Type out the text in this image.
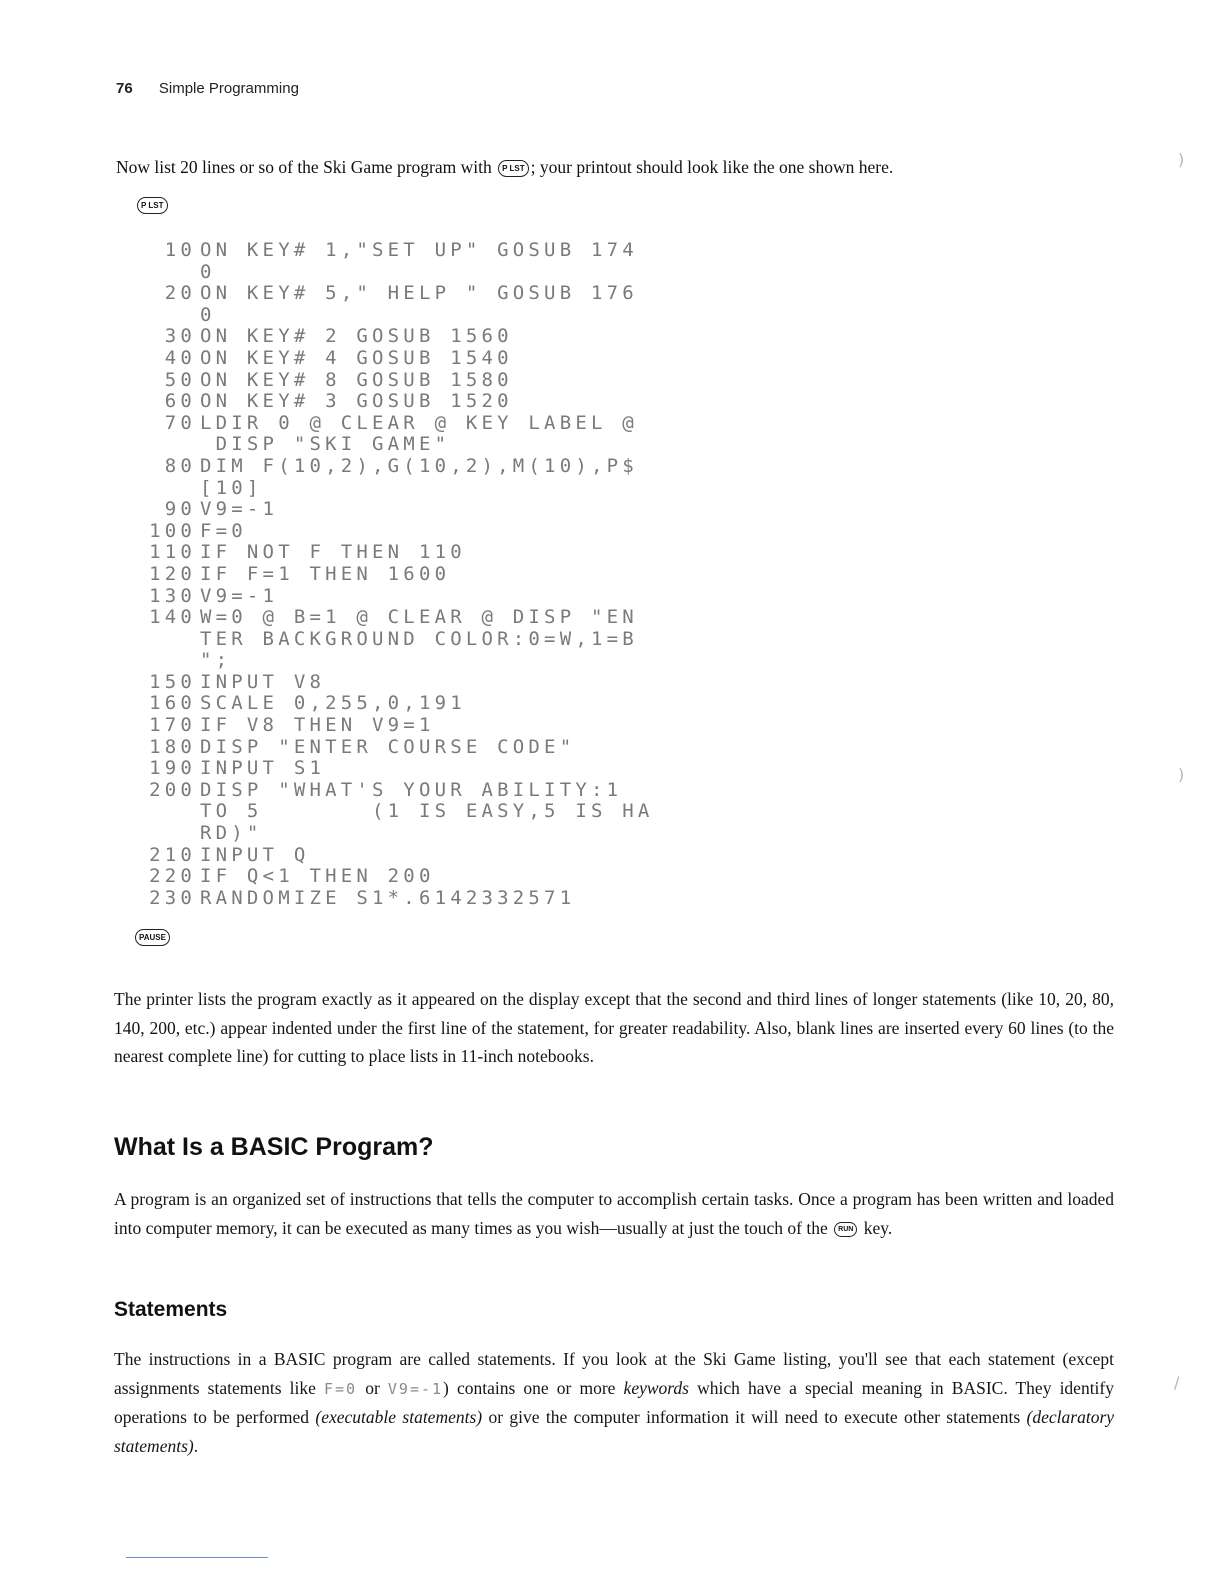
76 Simple Programming
Now list 20 lines or so of the Ski Game program with P LST ; your printout should look like the one shown here.
P LST
10 ON KEY# 1,"SET UP" GOSUB 174
0
20 ON KEY# 5," HELP " GOSUB 176
0
30 ON KEY# 2 GOSUB 1560
40 ON KEY# 4 GOSUB 1540
50 ON KEY# 8 GOSUB 1580
60 ON KEY# 3 GOSUB 1520
70 LDIR 0 @ CLEAR @ KEY LABEL @
DISP "SKI GAME"
80 DIM F(10,2),G(10,2),M(10),P$
[10]
90 V9=-1
100 F=0
110 IF NOT F THEN 110
120 IF F=1 THEN 1600
130 V9=-1
140 W=0 @ B=1 @ CLEAR @ DISP "EN
TER BACKGROUND COLOR:0=W,1=B
";
150 INPUT V8
160 SCALE 0,255,0,191
170 IF V8 THEN V9=1
180 DISP "ENTER COURSE CODE"
190 INPUT S1
200 DISP "WHAT'S YOUR ABILITY:1
TO 5       (1 IS EASY,5 IS HA
RD)"
210 INPUT Q
220 IF Q<1 THEN 200
230 RANDOMIZE S1*.6142332571
PAUSE
The printer lists the program exactly as it appeared on the display except that the second and third lines of longer statements (like 10, 20, 80, 140, 200, etc.) appear indented under the first line of the statement, for greater readability. Also, blank lines are inserted every 60 lines (to the nearest complete line) for cutting to place lists in 11-inch notebooks.
What Is a BASIC Program?
A program is an organized set of instructions that tells the computer to accomplish certain tasks. Once a program has been written and loaded into computer memory, it can be executed as many times as you wish—usually at just the touch of the RUN key.
Statements
The instructions in a BASIC program are called statements. If you look at the Ski Game listing, you'll see that each statement (except assignments statements like F=0 or V9=-1) contains one or more keywords which have a special meaning in BASIC. They identify operations to be performed (executable statements) or give the computer information it will need to execute other statements (declaratory statements).
)
)
/
